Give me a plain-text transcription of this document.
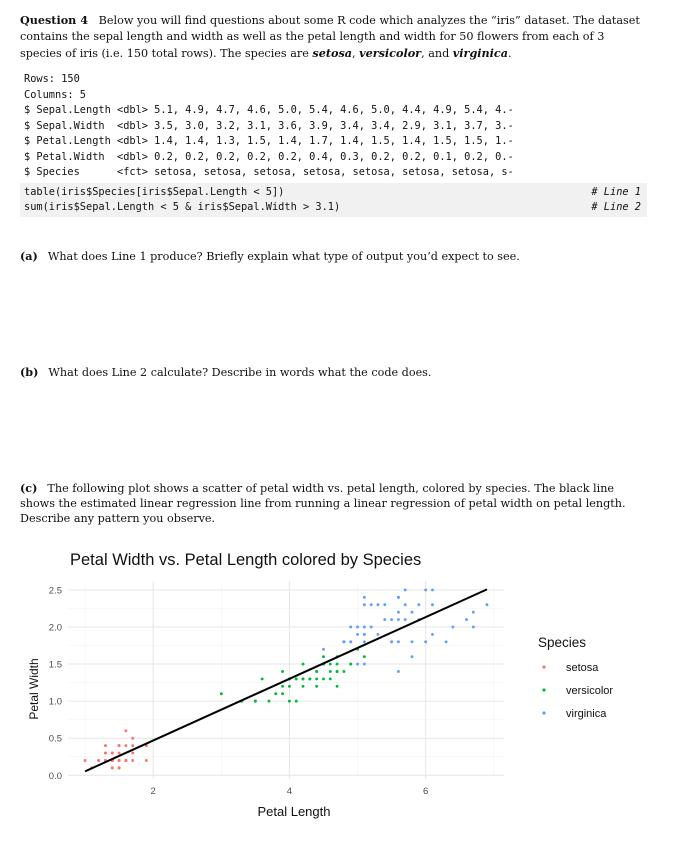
Question 4 Below you will find questions about some R code which analyzes the “iris” dataset. The dataset contains the sepal length and width as well as the petal length and width for 50 flowers from each of 3 species of iris (i.e. 150 total rows). The species are setosa, versicolor, and virginica.
Rows: 150
Columns: 5
$ Sepal.Length <dbl> 5.1, 4.9, 4.7, 4.6, 5.0, 5.4, 4.6, 5.0, 4.4, 4.9, 5.4, 4.-
$ Sepal.Width  <dbl> 3.5, 3.0, 3.2, 3.1, 3.6, 3.9, 3.4, 3.4, 2.9, 3.1, 3.7, 3.-
$ Petal.Length <dbl> 1.4, 1.4, 1.3, 1.5, 1.4, 1.7, 1.4, 1.5, 1.4, 1.5, 1.5, 1.-
$ Petal.Width  <dbl> 0.2, 0.2, 0.2, 0.2, 0.2, 0.4, 0.3, 0.2, 0.2, 0.1, 0.2, 0.-
$ Species      <fct> setosa, setosa, setosa, setosa, setosa, setosa, setosa, s-
table(iris$Species[iris$Sepal.Length < 5])	# Line 1
sum(iris$Sepal.Length < 5 & iris$Sepal.Width > 3.1)	# Line 2
(a) What does Line 1 produce? Briefly explain what type of output you’d expect to see.
(b) What does Line 2 calculate? Describe in words what the code does.
(c) The following plot shows a scatter of petal width vs. petal length, colored by species. The black line shows the estimated linear regression line from running a linear regression of petal width on petal length. Describe any pattern you observe.
Petal Width vs. Petal Length colored by Species
0.0
0.5
1.0
1.5
2.0
2.5
2	4	6
Petal Length
Petal Width
Species
setosa
versicolor
virginica
